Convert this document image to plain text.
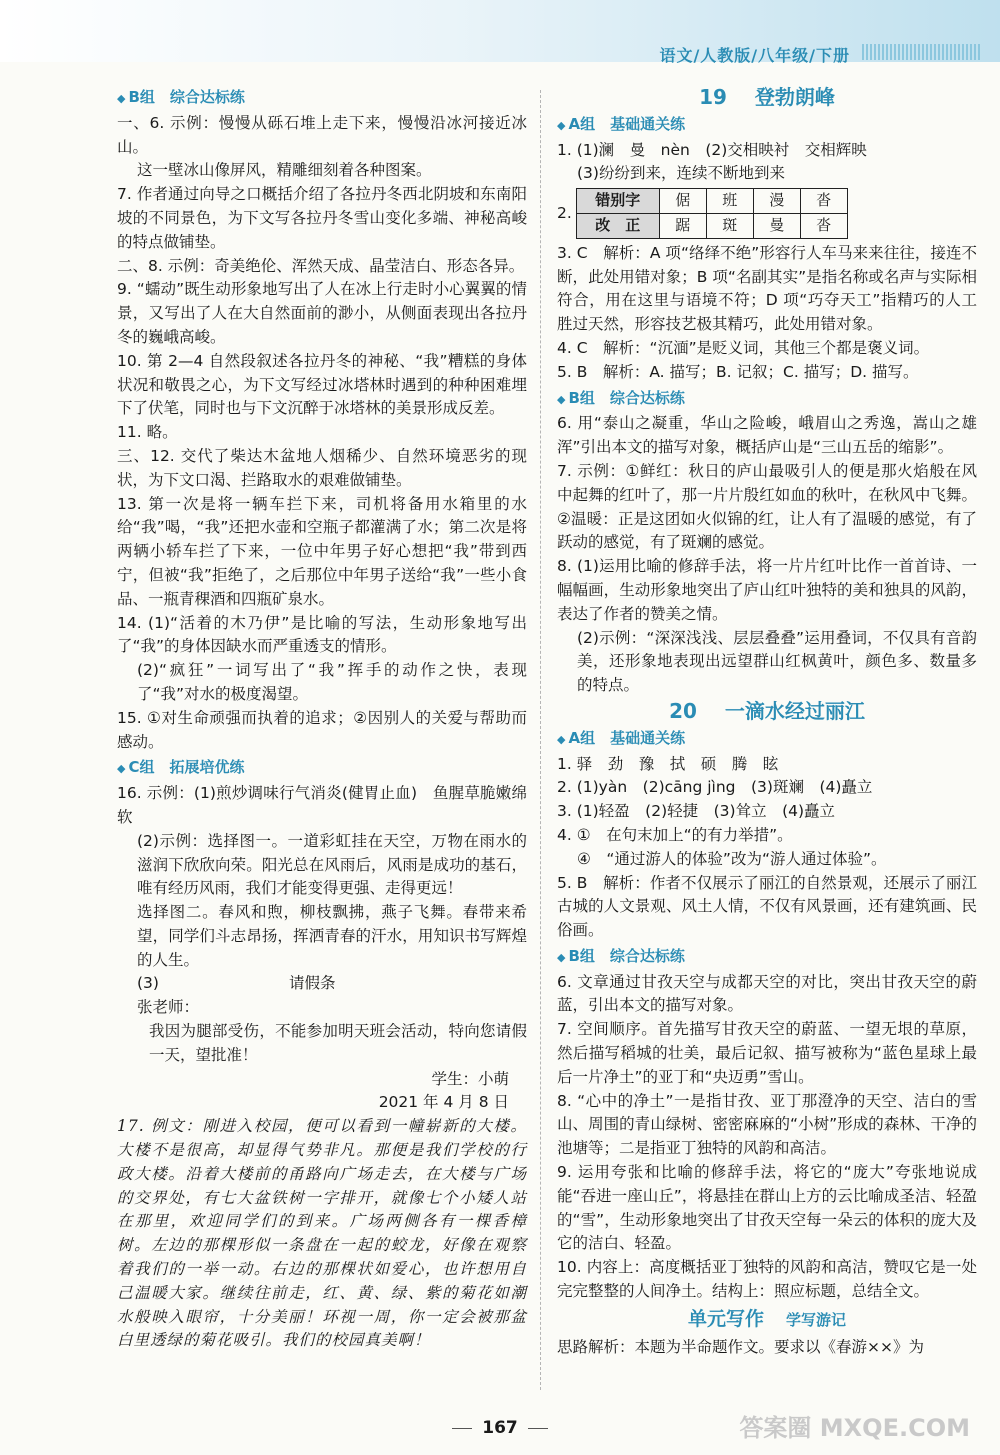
语文/人教版/八年级/下册
◆ B组　综合达标练

一、6. 示例：慢慢从砾石堆上走下来，慢慢沿冰河接近冰山。

这一壁冰山像屏风，精雕细刻着各种图案。

7. 作者通过向导之口概括介绍了各拉丹冬西北阴坡和东南阳坡的不同景色，为下文写各拉丹冬雪山变化多端、神秘高峻的特点做铺垫。

二、8. 示例：奇美绝伦、浑然天成、晶莹洁白、形态各异。

9. “蠕动”既生动形象地写出了人在冰上行走时小心翼翼的情景，又写出了人在大自然面前的渺小，从侧面表现出各拉丹冬的巍峨高峻。

10. 第 2—4 自然段叙述各拉丹冬的神秘、“我”糟糕的身体状况和敬畏之心，为下文写经过冰塔林时遇到的种种困难埋下了伏笔，同时也与下文沉醉于冰塔林的美景形成反差。

11. 略。

三、12. 交代了柴达木盆地人烟稀少、自然环境恶劣的现状，为下文口渴、拦路取水的艰难做铺垫。

13. 第一次是将一辆车拦下来，司机将备用水箱里的水给“我”喝，“我”还把水壶和空瓶子都灌满了水；第二次是将两辆小轿车拦了下来，一位中年男子好心想把“我”带到西宁，但被“我”拒绝了，之后那位中年男子送给“我”一些小食品、一瓶青稞酒和四瓶矿泉水。

14. (1)“活着的木乃伊”是比喻的写法，生动形象地写出了“我”的身体因缺水而严重透支的情形。

(2)“疯狂”一词写出了“我”挥手的动作之快，表现了“我”对水的极度渴望。

15. ①对生命顽强而执着的追求；②因别人的关爱与帮助而感动。

◆ C组　拓展培优练

16. 示例：(1)煎炒调味行气消炎(健胃止血)　鱼腥草脆嫩绵软

(2)示例：选择图一。一道彩虹挂在天空，万物在雨水的滋润下欣欣向荣。阳光总在风雨后，风雨是成功的基石，唯有经历风雨，我们才能变得更强、走得更远！

选择图二。春风和煦，柳枝飘拂，燕子飞舞。春带来希望，同学们斗志昂扬，挥洒青春的汗水，用知识书写辉煌的人生。

(3)	请假条

张老师：

我因为腿部受伤，不能参加明天班会活动，特向您请假一天，望批准！

学生：小萌

2021 年 4 月 8 日

17. 例文：刚进入校园，便可以看到一幢崭新的大楼。大楼不是很高，却显得气势非凡。那便是我们学校的行政大楼。沿着大楼前的甬路向广场走去，在大楼与广场的交界处，有七大盆铁树一字排开，就像七个小矮人站在那里，欢迎同学们的到来。广场两侧各有一棵香樟树。左边的那棵形似一条盘在一起的蛟龙，好像在观察着我们的一举一动。右边的那棵状如爱心，也许想用自己温暖大家。继续往前走，红、黄、绿、紫的菊花如潮水般映入眼帘，十分美丽！环视一周，你一定会被那盆白里透绿的菊花吸引。我们的校园真美啊！

19 登勃朗峰
◆ A组　基础通关练

1. (1)澜　曼　nèn　(2)交相映衬　交相辉映

(3)纷纷到来，连续不断地到来

2.
错别字	倨	班	漫	沓
改　正	踞	斑	曼	沓

3. C　解析：A 项“络绎不绝”形容行人车马来来往往，接连不断，此处用错对象；B 项“名副其实”是指名称或名声与实际相符合，用在这里与语境不符；D 项“巧夺天工”指精巧的人工胜过天然，形容技艺极其精巧，此处用错对象。

4. C　解析：“沉湎”是贬义词，其他三个都是褒义词。

5. B　解析：A. 描写；B. 记叙；C. 描写；D. 描写。

◆ B组　综合达标练

6. 用“泰山之凝重，华山之险峻，峨眉山之秀逸，嵩山之雄浑”引出本文的描写对象，概括庐山是“三山五岳的缩影”。

7. 示例：①鲜红：秋日的庐山最吸引人的便是那火焰般在风中起舞的红叶了，那一片片殷红如血的秋叶，在秋风中飞舞。②温暖：正是这团如火似锦的红，让人有了温暖的感觉，有了跃动的感觉，有了斑斓的感觉。

8. (1)运用比喻的修辞手法，将一片片红叶比作一首首诗、一幅幅画，生动形象地突出了庐山红叶独特的美和独具的风韵，表达了作者的赞美之情。

(2)示例：“深深浅浅、层层叠叠”运用叠词，不仅具有音韵美，还形象地表现出远望群山红枫黄叶，颜色多、数量多的特点。

20 一滴水经过丽江
◆ A组　基础通关练

1. 驿　劲　豫　拭　硕　腾　眩

2. (1)yàn　(2)cāng jìng　(3)斑斓　(4)矗立

3. (1)轻盈　(2)轻捷　(3)耸立　(4)矗立

4. ①　在句末加上“的有力举措”。

④　“通过游人的体验”改为“游人通过体验”。

5. B　解析：作者不仅展示了丽江的自然景观，还展示了丽江古城的人文景观、风土人情，不仅有风景画，还有建筑画、民俗画。

◆ B组　综合达标练

6. 文章通过甘孜天空与成都天空的对比，突出甘孜天空的蔚蓝，引出本文的描写对象。

7. 空间顺序。首先描写甘孜天空的蔚蓝、一望无垠的草原，然后描写稻城的壮美，最后记叙、描写被称为“蓝色星球上最后一片净土”的亚丁和“央迈勇”雪山。

8. “心中的净土”一是指甘孜、亚丁那澄净的天空、洁白的雪山、周围的青山绿树、密密麻麻的“小树”形成的森林、干净的池塘等；二是指亚丁独特的风韵和高洁。

9. 运用夸张和比喻的修辞手法，将它的“庞大”夸张地说成能“吞进一座山丘”，将悬挂在群山上方的云比喻成圣洁、轻盈的“雪”，生动形象地突出了甘孜天空每一朵云的体积的庞大及它的洁白、轻盈。

10. 内容上：高度概括亚丁独特的风韵和高洁，赞叹它是一处完完整整的人间净土。结构上：照应标题，总结全文。

单元写作 学写游记

思路解析：本题为半命题作文。要求以《春游××》为

167	答案圈 MXQE.COM
